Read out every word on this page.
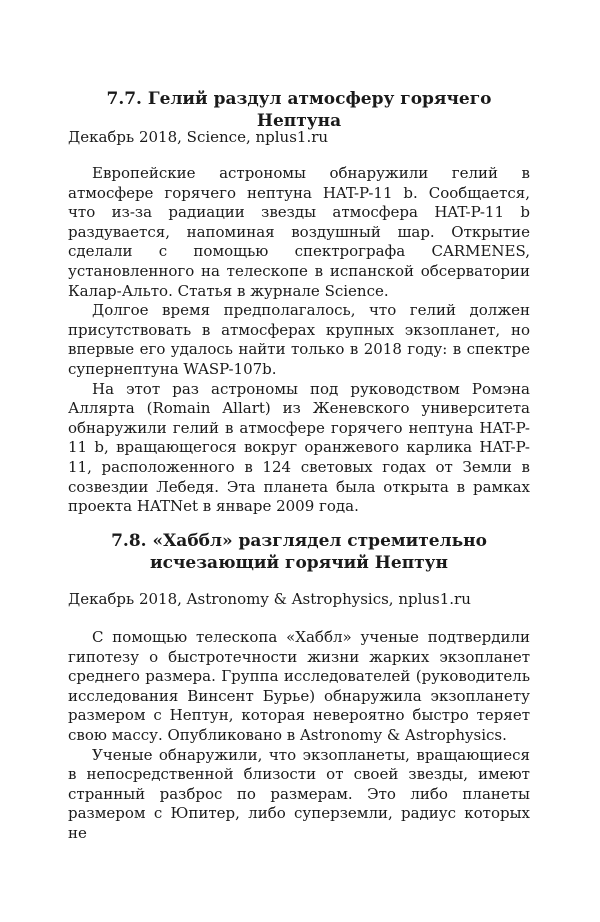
7.7. Гелий раздул атмосферу горячего Нептуна
Декабрь 2018, Science, nplus1.ru

Европейские астрономы обнаружили гелий в атмосфере горячего нептуна HAT-P-11 b. Сообщается, что из-за радиации звезды атмосфера HAT-P-11 b раздувается, напоминая воздушный шар. Открытие сделали с помощью спектрографа CARMENES, установленного на телескопе в испанской обсерватории Калар-Альто. Статья в журнале Science.

Долгое время предполагалось, что гелий должен присутствовать в атмосферах крупных экзопланет, но впервые его удалось найти только в 2018 году: в спектре супернептуна WASP-107b.

На этот раз астрономы под руководством Ромэна Аллярта (Romain Allart) из Женевского университета обнаружили гелий в атмосфере горячего нептуна HAT-P-11 b, вращающегося вокруг оранжевого карлика HAT-P-11, расположенного в 124 световых годах от Земли в созвездии Лебедя. Эта планета была открыта в рамках проекта HATNet в январе 2009 года.

7.8. «Хаббл» разглядел стремительно исчезающий горячий Нептун
Декабрь 2018, Astronomy & Astrophysics, nplus1.ru

С помощью телескопа «Хаббл» ученые подтвердили гипотезу о быстротечности жизни жарких экзопланет среднего размера. Группа исследователей (руководитель исследования Винсент Бурье) обнаружила экзопланету размером с Нептун, которая невероятно быстро теряет свою массу. Опубликовано в Astronomy & Astrophysics.

Ученые обнаружили, что экзопланеты, вращающиеся в непосредственной близости от своей звезды, имеют странный разброс по размерам. Это либо планеты размером с Юпитер, либо суперземли, радиус которых не
